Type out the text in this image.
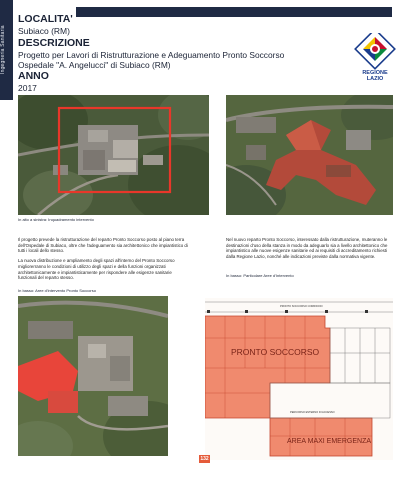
Ingegneria Sanitaria
LOCALITA'
Subiaco (RM)
DESCRIZIONE
Progetto per Lavori di Ristrutturazione e Adeguamento Pronto Soccorso
Ospedale "A. Angelucci" di Subiaco (RM)
ANNO
2017
REGIONE LAZIO
In alto a sinistra: Inquadramento intervento

Il progetto prevede la ristrutturazione del reparto Pronto Soccorso posto al piano terra dell'Ospedale di Subiaco, oltre che l'adeguamento sia architettonico che impiantistico di tutti i locali dello stesso.

La nuova distribuzione e ampliamento degli spazi all'interno del Pronto Soccorso migliorerranno le condizioni di utilizzo degli spazi e della funzioni organizzati architettonicamente e impiantisticamente per rispondere alle esigenze sanitarie funzionali del reparto stesso.

Nel nuovo reparto Pronto Soccorso, interessato dalla ristrutturazione, muteranno le destinazioni d'uso della stanza in modo da adeguarlo sia a livello architettonico che impiantistico alle nuove esigenze sanitarie ed ai requisiti di accreditamento richiesti dalla Regione Lazio, nonché alle indicazioni previste dalla normativa vigente.

In basso: Particolare Aree d'Intervento
In basso: Aree d'intervento Pronto Soccorso
PRONTO SOCCORSO CORRIDOIO
PRONTO SOCCORSO
PERCORSO ESTERNO DI ACCESSO
AREA MAXI EMERGENZA
132
